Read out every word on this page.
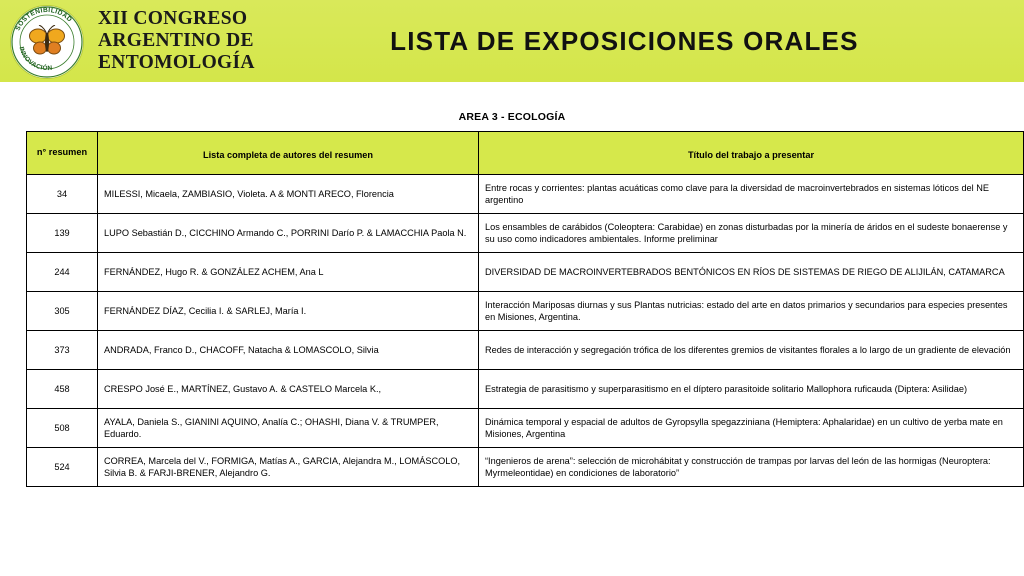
SOSTENIBILIDAD
INNOVACIÓN
XII CONGRESO
ARGENTINO DE
ENTOMOLOGÍA
LISTA DE EXPOSICIONES ORALES
AREA 3 - ECOLOGÍA
n° resumen	Lista completa de autores del resumen	Título del trabajo a presentar
34	MILESSI, Micaela, ZAMBIASIO, Violeta. A & MONTI ARECO, Florencia	Entre rocas y corrientes: plantas acuáticas como clave para la diversidad de macroinvertebrados en sistemas lóticos del NE argentino
139	LUPO Sebastián D., CICCHINO Armando C., PORRINI Darío P. & LAMACCHIA Paola N.	Los ensambles de carábidos (Coleoptera: Carabidae) en zonas disturbadas por la minería de áridos en el sudeste bonaerense y su uso como indicadores ambientales. Informe preliminar
244	FERNÁNDEZ, Hugo R. & GONZÁLEZ ACHEM, Ana L	DIVERSIDAD DE MACROINVERTEBRADOS BENTÓNICOS EN RÍOS DE SISTEMAS DE RIEGO DE ALIJILÁN, CATAMARCA
305	FERNÁNDEZ DÍAZ, Cecilia I. & SARLEJ, María I.	Interacción Mariposas diurnas y sus Plantas nutricias: estado del arte en datos primarios y secundarios para especies presentes en Misiones, Argentina.
373	ANDRADA, Franco D., CHACOFF, Natacha & LOMASCOLO, Silvia	Redes de interacción y segregación trófica de los diferentes gremios de visitantes florales a lo largo de un gradiente de elevación
458	CRESPO José E., MARTÍNEZ, Gustavo A. & CASTELO Marcela K.,	Estrategia de parasitismo y superparasitismo en el díptero parasitoide solitario Mallophora ruficauda (Diptera: Asilidae)
508	AYALA, Daniela S., GIANINI AQUINO, Analía C.; OHASHI, Diana V. & TRUMPER, Eduardo.	Dinámica temporal y espacial de adultos de Gyropsylla spegazziniana (Hemiptera: Aphalaridae) en un cultivo de yerba mate en Misiones, Argentina
524	CORREA, Marcela del V., FORMIGA, Matías A., GARCIA, Alejandra M., LOMÁSCOLO, Silvia B. & FARJI-BRENER, Alejandro G.	“Ingenieros de arena”: selección de microhábitat y construcción de trampas por larvas del león de las hormigas (Neuroptera: Myrmeleontidae) en condiciones de laboratorio”
